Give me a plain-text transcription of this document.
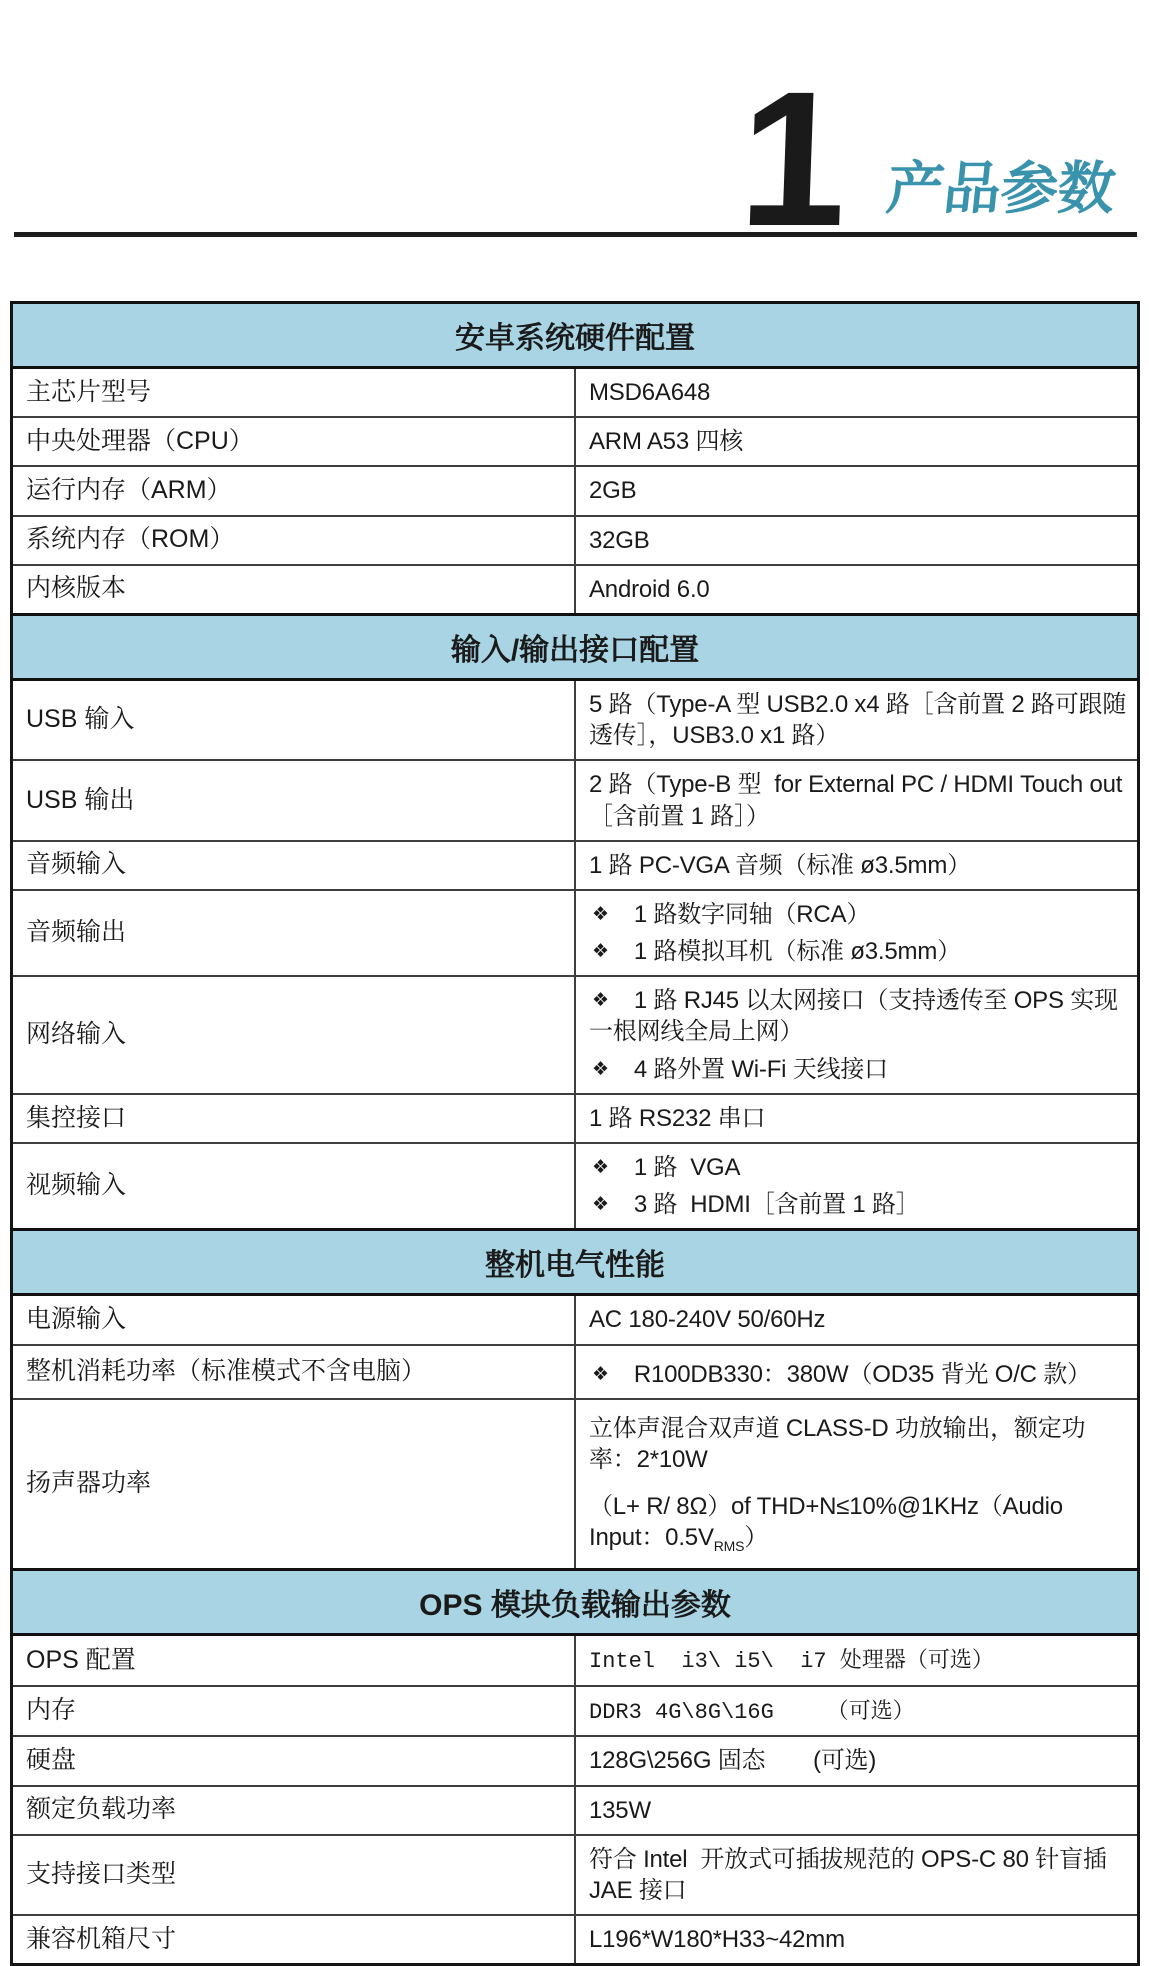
1 产品参数
安卓系统硬件配置	
主芯片型号	MSD6A648

中央处理器（CPU）	ARM A53 四核

运行内存（ARM）	2GB

系统内存（ROM）	32GB

内核版本	Android 6.0

输入/输出接口配置	
USB 输入	5 路（Type-A 型 USB2.0 x4 路［含前置 2 路可跟随透传］，USB3.0 x1 路）

USB 输出	2 路（Type-B 型  for External PC / HDMI Touch out［含前置 1 路］）

音频输入	1 路 PC-VGA 音频（标准 ø3.5mm）

音频输出	❖ 1 路数字同轴（RCA）
❖ 1 路模拟耳机（标准 ø3.5mm）

网络输入	❖ 1 路 RJ45 以太网接口（支持透传至 OPS 实现一根网线全局上网）
❖ 4 路外置 Wi-Fi 天线接口

集控接口	1 路 RS232 串口

视频输入	❖ 1 路  VGA
❖ 3 路  HDMI［含前置 1 路］

整机电气性能	
电源输入	AC 180-240V 50/60Hz

整机消耗功率（标准模式不含电脑）	❖ R100DB330：380W（OD35 背光 O/C 款）

扬声器功率	立体声混合双声道 CLASS-D 功放输出，额定功率：2*10W
（L+ R/ 8Ω）of THD+N≤10%@1KHz（Audio Input：$0.5V_{RMS}$）

OPS 模块负载输出参数	
OPS 配置	Intel  i3\ i5\  i7 处理器（可选）

内存	DDR3 4G\8G\16G    （可选）

硬盘	128G\256G 固态　　(可选)

额定负载功率	135W

支持接口类型	符合 Intel  开放式可插拔规范的 OPS-C 80 针盲插 JAE 接口

兼容机箱尺寸	L196*W180*H33~42mm
